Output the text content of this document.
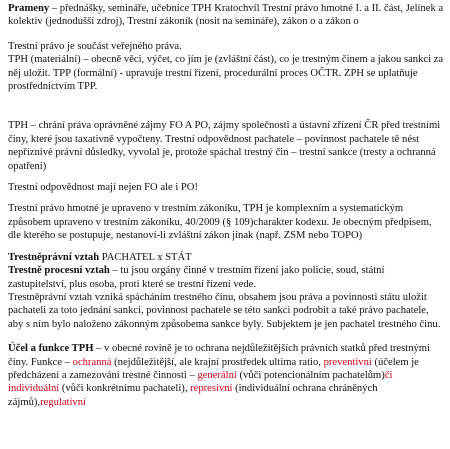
Prameny – přednášky, semináře, učebnice TPH Kratochvíl Trestní právo hmotné I. a II. část, Jelínek a kolektiv (jednodušší zdroj), Trestní zákoník (nosit na semináře), zákon o a zákon o

Trestní právo je součást veřejného práva.

TPH (materiální) – obecně věci, výčet, co jím je (zvláštní část), co je trestným činem a jakou sankci za něj uložit. TPP (formální) - upravuje trestní řízení, procedurální proces OČTR. ZPH se uplatňuje prostřednictvím TPP.

TPH – chrání práva oprávněné zájmy FO A PO, zájmy společnosti a ústavní zřízení ČR před trestními činy, které jsou taxativně vypočteny. Trestní odpovědnost pachatele – povinnost pachatele tě nést nepříznivé právní důsledky, vyvolal je, protože spáchal trestný čin – trestní sankce (tresty a ochranná opatření)

Trestní odpovědnost mají nejen FO ale i PO!

Trestní právo hmotné je upraveno v trestním zákoníku, TPH je komplexním a systematickým způsobem upraveno v trestním zákoníku, 40/2009 (§ 109)charakter kodexu. Je obecným předpisem, dle kterého se postupuje, nestanoví-li zvláštní zákon jinak (např. ZSM nebo TOPO)

Trestněprávní vztah PACHATEL x STÁT

Trestně procesní vztah – tu jsou orgány činné v trestním řízení jako policie, soud, státní zastupitelství, plus osoba, proti které se trestní řízení vede.

Trestněprávní vztah vzniká spácháním trestného činu, obsahem jsou práva a povinnosti státu uložit pachateli za toto jednání sankci, povinnost pachatele se této sankci podrobit a také právo pachatele, aby s ním bylo naloženo zákonným způsobema sankce byly. Subjektem je jen pachatel trestného činu.

Účel a funkce TPH – v obecné rovině je to ochrana nejdůležitějších právních statků před trestnými činy. Funkce – ochranná (nejdůležitější, ale krajní prostředek ultima ratio, preventivní (účelem je předcházení a zamezování trestné činnosti – generální (vůči potencionálním pachatelům)či individuální (vůči konkrétnímu pachateli), represivní (individuální ochrana chráněných zájmů),regulativní
